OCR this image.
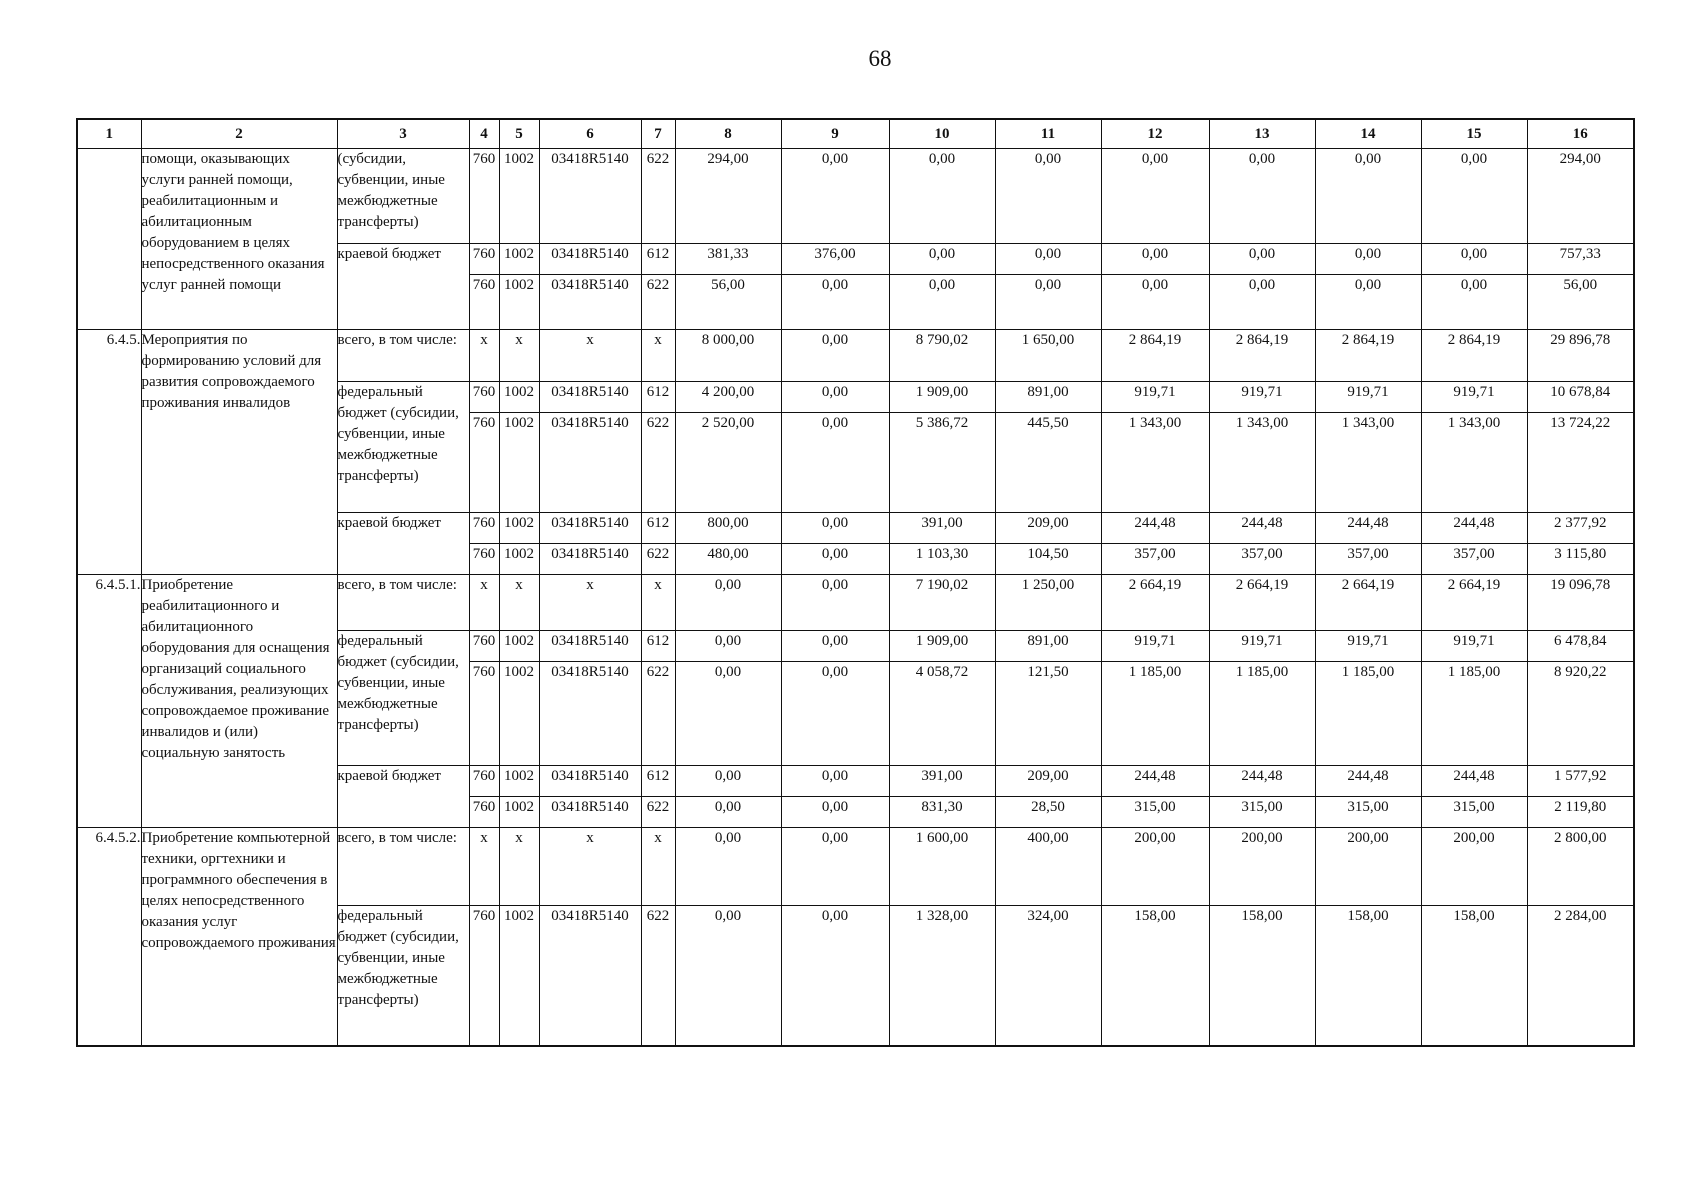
68
1	2	3	4	5	6	7	8	9	10	11	12	13	14	15	16
	помощи, оказывающих услуги ранней помощи, реабилитационным и абилитационным оборудованием в целях непосредственного оказания услуг ранней помощи	(субсидии, субвенции, иные межбюджетные трансферты)	760	1002	03418R5140	622	294,00	0,00	0,00	0,00	0,00	0,00	0,00	0,00	294,00
		краевой бюджет	760	1002	03418R5140	612	381,33	376,00	0,00	0,00	0,00	0,00	0,00	0,00	757,33
			760	1002	03418R5140	622	56,00	0,00	0,00	0,00	0,00	0,00	0,00	0,00	56,00
6.4.5.	Мероприятия по формированию условий для развития сопровождаемого проживания инвалидов	всего, в том числе:	х	х	х	х	8 000,00	0,00	8 790,02	1 650,00	2 864,19	2 864,19	2 864,19	2 864,19	29 896,78
		федеральный бюджет (субсидии, субвенции, иные межбюджетные трансферты)	760	1002	03418R5140	612	4 200,00	0,00	1 909,00	891,00	919,71	919,71	919,71	919,71	10 678,84
			760	1002	03418R5140	622	2 520,00	0,00	5 386,72	445,50	1 343,00	1 343,00	1 343,00	1 343,00	13 724,22
		краевой бюджет	760	1002	03418R5140	612	800,00	0,00	391,00	209,00	244,48	244,48	244,48	244,48	2 377,92
			760	1002	03418R5140	622	480,00	0,00	1 103,30	104,50	357,00	357,00	357,00	357,00	3 115,80
6.4.5.1.	Приобретение реабилитационного и абилитационного оборудования для оснащения организаций социального обслуживания, реализующих сопровождаемое проживание инвалидов и (или) социальную занятость	всего, в том числе:	х	х	х	х	0,00	0,00	7 190,02	1 250,00	2 664,19	2 664,19	2 664,19	2 664,19	19 096,78
		федеральный бюджет (субсидии, субвенции, иные межбюджетные трансферты)	760	1002	03418R5140	612	0,00	0,00	1 909,00	891,00	919,71	919,71	919,71	919,71	6 478,84
			760	1002	03418R5140	622	0,00	0,00	4 058,72	121,50	1 185,00	1 185,00	1 185,00	1 185,00	8 920,22
		краевой бюджет	760	1002	03418R5140	612	0,00	0,00	391,00	209,00	244,48	244,48	244,48	244,48	1 577,92
			760	1002	03418R5140	622	0,00	0,00	831,30	28,50	315,00	315,00	315,00	315,00	2 119,80
6.4.5.2.	Приобретение компьютерной техники, оргтехники и программного обеспечения в целях непосредственного оказания услуг сопровождаемого проживания	всего, в том числе:	х	х	х	х	0,00	0,00	1 600,00	400,00	200,00	200,00	200,00	200,00	2 800,00
		федеральный бюджет (субсидии, субвенции, иные межбюджетные трансферты)	760	1002	03418R5140	622	0,00	0,00	1 328,00	324,00	158,00	158,00	158,00	158,00	2 284,00
